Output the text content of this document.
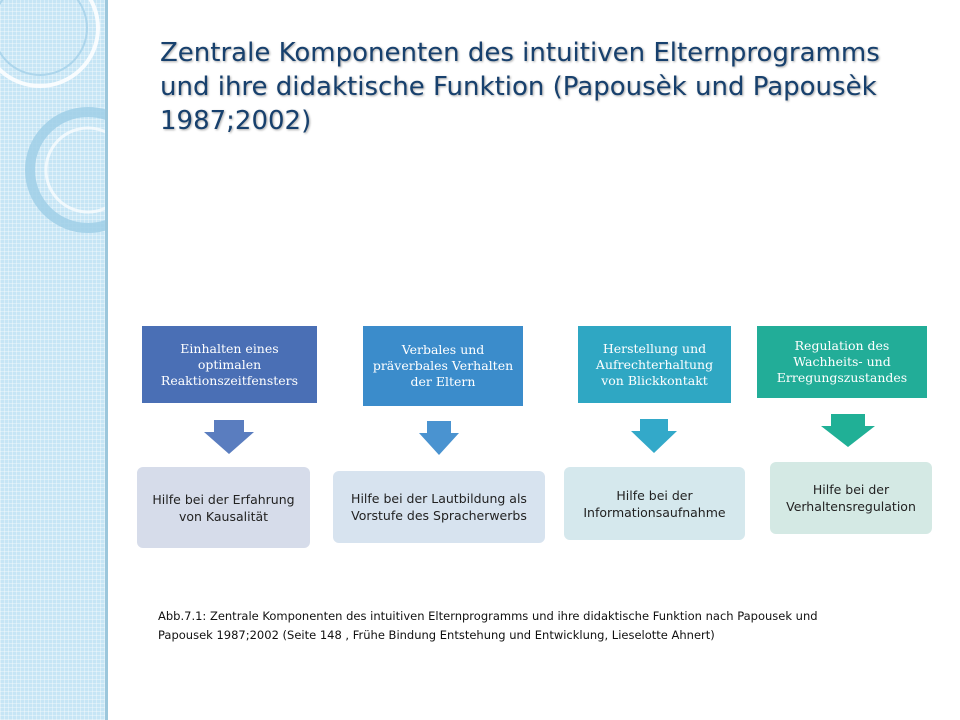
Zentrale Komponenten des intuitiven Elternprogramms und ihre didaktische Funktion (Papousèk und Papousèk 1987;2002)
Einhalten eines optimalen Reaktionszeitfensters
Hilfe bei der Erfahrung von Kausalität
Verbales und präverbales Verhalten der Eltern
Hilfe bei der Lautbildung als Vorstufe des Spracherwerbs
Herstellung und Aufrechterhaltung von Blickkontakt
Hilfe bei der Informationsaufnahme
Regulation des Wachheits- und Erregungszustandes
Hilfe bei der Verhaltensregulation

Abb.7.1: Zentrale Komponenten des intuitiven Elternprogramms und ihre didaktische Funktion nach Papousek und Papousek 1987;2002 (Seite 148 , Frühe Bindung Entstehung und Entwicklung, Lieselotte Ahnert)
